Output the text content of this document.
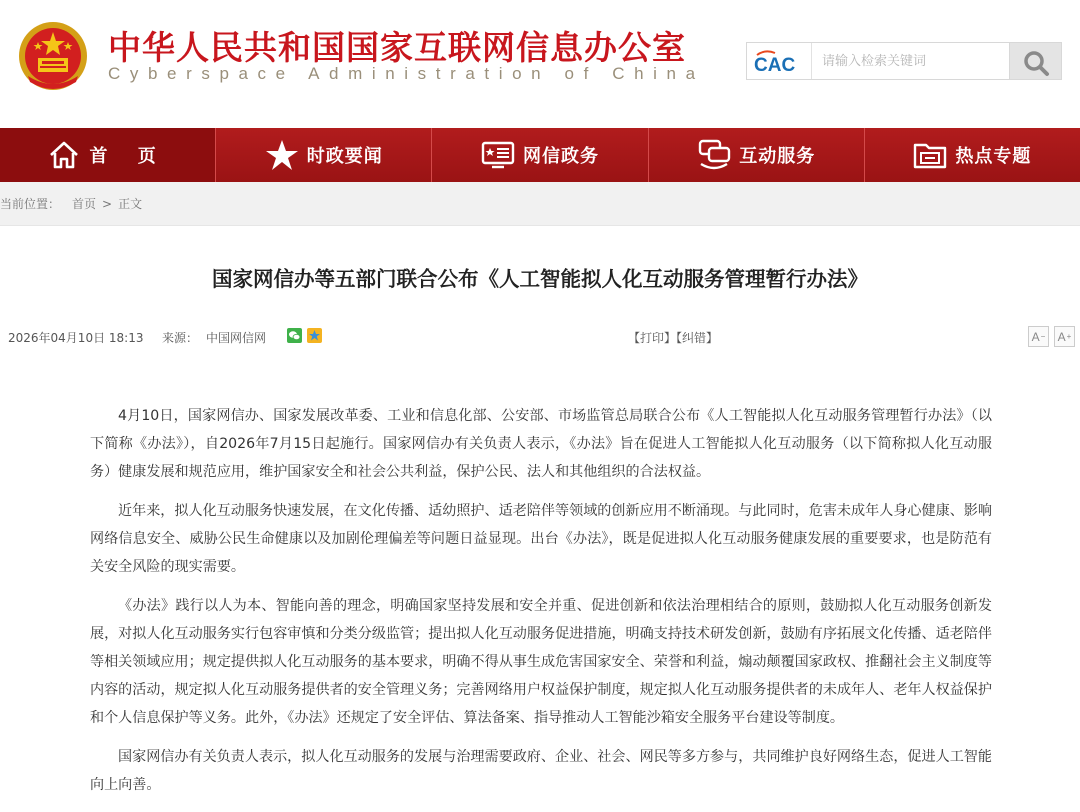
中华人民共和国国家互联网信息办公室
Cyberspace Administration of China	CAC
请输入检索关键词
首 页	时政要闻	网信政务	互动服务	热点专题
当前位置： 首页 > 正文
国家网信办等五部门联合公布《人工智能拟人化互动服务管理暂行办法》
2026年04月10日 18:13 来源： 中国网信网	【打印】【纠错】	A − A +

4月10日，国家网信办、国家发展改革委、工业和信息化部、公安部、市场监管总局联合公布《人工智能拟人化互动服务管理暂行办法》（以下简称《办法》），自2026年7月15日起施行。国家网信办有关负责人表示，《办法》旨在促进人工智能拟人化互动服务（以下简称拟人化互动服务）健康发展和规范应用，维护国家安全和社会公共利益，保护公民、法人和其他组织的合法权益。

近年来，拟人化互动服务快速发展，在文化传播、适幼照护、适老陪伴等领域的创新应用不断涌现。与此同时，危害未成年人身心健康、影响网络信息安全、威胁公民生命健康以及加剧伦理偏差等问题日益显现。出台《办法》，既是促进拟人化互动服务健康发展的重要要求，也是防范有关安全风险的现实需要。

《办法》践行以人为本、智能向善的理念，明确国家坚持发展和安全并重、促进创新和依法治理相结合的原则，鼓励拟人化互动服务创新发展，对拟人化互动服务实行包容审慎和分类分级监管；提出拟人化互动服务促进措施，明确支持技术研发创新，鼓励有序拓展文化传播、适老陪伴等相关领域应用；规定提供拟人化互动服务的基本要求，明确不得从事生成危害国家安全、荣誉和利益，煽动颠覆国家政权、推翻社会主义制度等内容的活动，规定拟人化互动服务提供者的安全管理义务；完善网络用户权益保护制度，规定拟人化互动服务提供者的未成年人、老年人权益保护和个人信息保护等义务。此外，《办法》还规定了安全评估、算法备案、指导推动人工智能沙箱安全服务平台建设等制度。

国家网信办有关负责人表示，拟人化互动服务的发展与治理需要政府、企业、社会、网民等多方参与，共同维护良好网络生态，促进人工智能向上向善。
